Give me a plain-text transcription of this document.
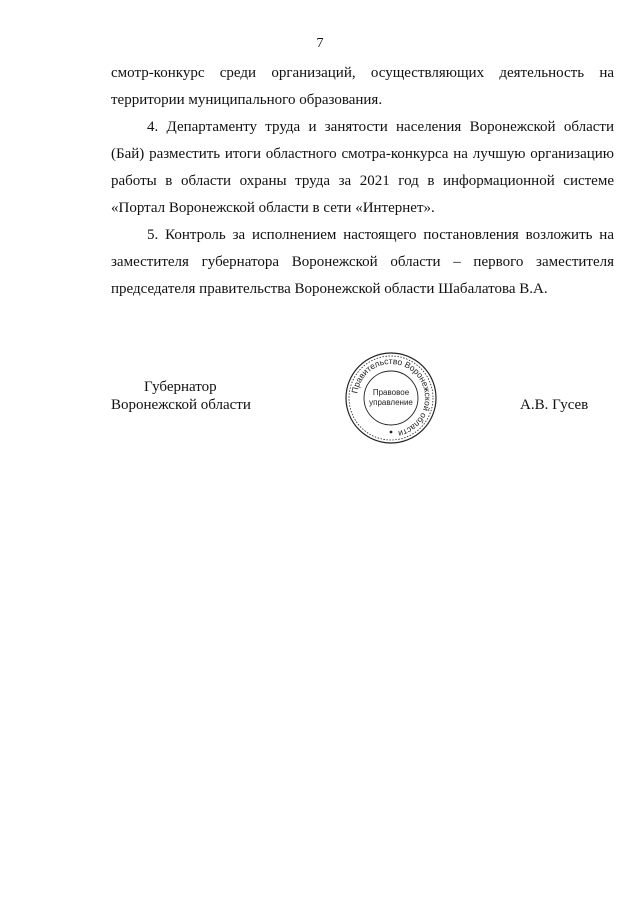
7

смотр-конкурс среди организаций, осуществляющих деятельность на территории муниципального образования.

4. Департаменту труда и занятости населения Воронежской области (Бай) разместить итоги областного смотра-конкурса на лучшую организацию работы в области охраны труда за 2021 год в информационной системе «Портал Воронежской области в сети «Интернет».

5. Контроль за исполнением настоящего постановления возложить на заместителя губернатора Воронежской области – первого заместителя председателя правительства Воронежской области Шабалатова В.А.

Губернатор
Воронежской области
Правительство Воронежской области
Правовое
управление	А.В. Гусев
